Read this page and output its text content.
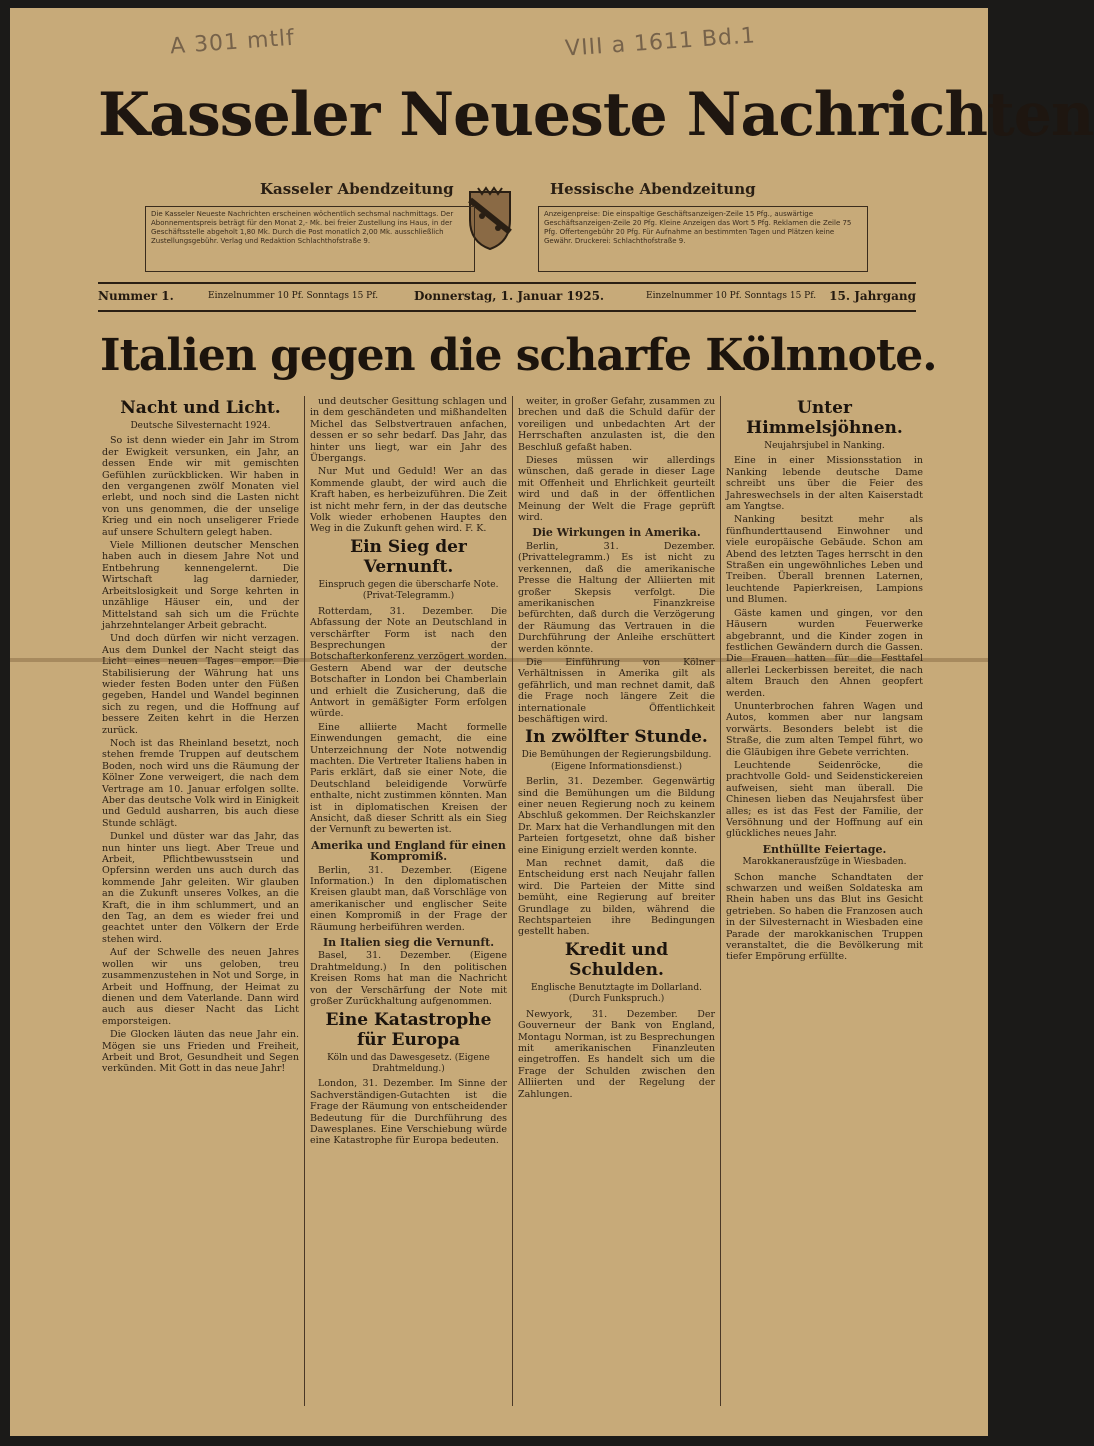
A 301 mtlf	VIII a 1611 Bd.1
Kasseler Neueste Nachrichten
Kasseler Abendzeitung	Hessische Abendzeitung
Die Kasseler Neueste Nachrichten erscheinen wöchentlich sechsmal nachmittags. Der Abonnementspreis beträgt für den Monat 2,- Mk. bei freier Zustellung ins Haus, in der Geschäftsstelle abgeholt 1,80 Mk. Durch die Post monatlich 2,00 Mk. ausschließlich Zustellungsgebühr. Verlag und Redaktion Schlachthofstraße 9.
Anzeigenpreise: Die einspaltige Geschäftsanzeigen-Zeile 15 Pfg., auswärtige Geschäftsanzeigen-Zeile 20 Pfg. Kleine Anzeigen das Wort 5 Pfg. Reklamen die Zeile 75 Pfg. Offertengebühr 20 Pfg. Für Aufnahme an bestimmten Tagen und Plätzen keine Gewähr. Druckerei: Schlachthofstraße 9.
Nummer 1.	Einzelnummer 10 Pf. Sonntags 15 Pf.	Donnerstag, 1. Januar 1925.	Einzelnummer 10 Pf. Sonntags 15 Pf. 15. Jahrgang
Italien gegen die scharfe Kölnnote.
Nacht und Licht.
Deutsche Silvesternacht 1924.

So ist denn wieder ein Jahr im Strom der Ewigkeit versunken, ein Jahr, an dessen Ende wir mit gemischten Gefühlen zurückblicken. Wir haben in den vergangenen zwölf Monaten viel erlebt, und noch sind die Lasten nicht von uns genommen, die der unselige Krieg und ein noch unseligerer Friede auf unsere Schultern gelegt haben.

Viele Millionen deutscher Menschen haben auch in diesem Jahre Not und Entbehrung kennengelernt. Die Wirtschaft lag darnieder, Arbeitslosigkeit und Sorge kehrten in unzählige Häuser ein, und der Mittelstand sah sich um die Früchte jahrzehntelanger Arbeit gebracht.

Und doch dürfen wir nicht verzagen. Aus dem Dunkel der Nacht steigt das Licht eines neuen Tages empor. Die Stabilisierung der Währung hat uns wieder festen Boden unter den Füßen gegeben, Handel und Wandel beginnen sich zu regen, und die Hoffnung auf bessere Zeiten kehrt in die Herzen zurück.

Noch ist das Rheinland besetzt, noch stehen fremde Truppen auf deutschem Boden, noch wird uns die Räumung der Kölner Zone verweigert, die nach dem Vertrage am 10. Januar erfolgen sollte. Aber das deutsche Volk wird in Einigkeit und Geduld ausharren, bis auch diese Stunde schlägt.

Dunkel und düster war das Jahr, das nun hinter uns liegt. Aber Treue und Arbeit, Pflichtbewusstsein und Opfersinn werden uns auch durch das kommende Jahr geleiten. Wir glauben an die Zukunft unseres Volkes, an die Kraft, die in ihm schlummert, und an den Tag, an dem es wieder frei und geachtet unter den Völkern der Erde stehen wird.

Auf der Schwelle des neuen Jahres wollen wir uns geloben, treu zusammenzustehen in Not und Sorge, in Arbeit und Hoffnung, der Heimat zu dienen und dem Vaterlande. Dann wird auch aus dieser Nacht das Licht emporsteigen.

Die Glocken läuten das neue Jahr ein. Mögen sie uns Frieden und Freiheit, Arbeit und Brot, Gesundheit und Segen verkünden. Mit Gott in das neue Jahr!

und deutscher Gesittung schlagen und in dem geschändeten und mißhandelten Michel das Selbstvertrauen anfachen, dessen er so sehr bedarf. Das Jahr, das hinter uns liegt, war ein Jahr des Übergangs.

Nur Mut und Geduld! Wer an das Kommende glaubt, der wird auch die Kraft haben, es herbeizuführen. Die Zeit ist nicht mehr fern, in der das deutsche Volk wieder erhobenen Hauptes den Weg in die Zukunft gehen wird. F. K.

Ein Sieg der Vernunft.
Einspruch gegen die überscharfe Note. (Privat-Telegramm.)

Rotterdam, 31. Dezember. Die Abfassung der Note an Deutschland in verschärfter Form ist nach den Besprechungen der Botschafterkonferenz verzögert worden. Gestern Abend war der deutsche Botschafter in London bei Chamberlain und erhielt die Zusicherung, daß die Antwort in gemäßigter Form erfolgen würde.

Eine alliierte Macht formelle Einwendungen gemacht, die eine Unterzeichnung der Note notwendig machten. Die Vertreter Italiens haben in Paris erklärt, daß sie einer Note, die Deutschland beleidigende Vorwürfe enthalte, nicht zustimmen könnten. Man ist in diplomatischen Kreisen der Ansicht, daß dieser Schritt als ein Sieg der Vernunft zu bewerten ist.

Amerika und England für einen Kompromiß.

Berlin, 31. Dezember. (Eigene Information.) In den diplomatischen Kreisen glaubt man, daß Vorschläge von amerikanischer und englischer Seite einen Kompromiß in der Frage der Räumung herbeiführen werden.

In Italien sieg die Vernunft.

Basel, 31. Dezember. (Eigene Drahtmeldung.) In den politischen Kreisen Roms hat man die Nachricht von der Verschärfung der Note mit großer Zurückhaltung aufgenommen.

Eine Katastrophe für Europa
Köln und das Dawesgesetz. (Eigene Drahtmeldung.)

London, 31. Dezember. Im Sinne der Sachverständigen-Gutachten ist die Frage der Räumung von entscheidender Bedeutung für die Durchführung des Dawesplanes. Eine Verschiebung würde eine Katastrophe für Europa bedeuten.

weiter, in großer Gefahr, zusammen zu brechen und daß die Schuld dafür der voreiligen und unbedachten Art der Herrschaften anzulasten ist, die den Beschluß gefaßt haben.

Dieses müssen wir allerdings wünschen, daß gerade in dieser Lage mit Offenheit und Ehrlichkeit geurteilt wird und daß in der öffentlichen Meinung der Welt die Frage geprüft wird.

Die Wirkungen in Amerika.

Berlin, 31. Dezember. (Privattelegramm.) Es ist nicht zu verkennen, daß die amerikanische Presse die Haltung der Alliierten mit großer Skepsis verfolgt. Die amerikanischen Finanzkreise befürchten, daß durch die Verzögerung der Räumung das Vertrauen in die Durchführung der Anleihe erschüttert werden könnte.

Die Einführung von Kölner Verhältnissen in Amerika gilt als gefährlich, und man rechnet damit, daß die Frage noch längere Zeit die internationale Öffentlichkeit beschäftigen wird.

In zwölfter Stunde.
Die Bemühungen der Regierungsbildung. (Eigene Informationsdienst.)

Berlin, 31. Dezember. Gegenwärtig sind die Bemühungen um die Bildung einer neuen Regierung noch zu keinem Abschluß gekommen. Der Reichskanzler Dr. Marx hat die Verhandlungen mit den Parteien fortgesetzt, ohne daß bisher eine Einigung erzielt werden konnte.

Man rechnet damit, daß die Entscheidung erst nach Neujahr fallen wird. Die Parteien der Mitte sind bemüht, eine Regierung auf breiter Grundlage zu bilden, während die Rechtsparteien ihre Bedingungen gestellt haben.

Kredit und Schulden.
Englische Benutztagte im Dollarland. (Durch Funkspruch.)

Newyork, 31. Dezember. Der Gouverneur der Bank von England, Montagu Norman, ist zu Besprechungen mit amerikanischen Finanzleuten eingetroffen. Es handelt sich um die Frage der Schulden zwischen den Alliierten und der Regelung der Zahlungen.

Unter Himmelsjöhnen.
Neujahrsjubel in Nanking.

Eine in einer Missionsstation in Nanking lebende deutsche Dame schreibt uns über die Feier des Jahreswechsels in der alten Kaiserstadt am Yangtse.

Nanking besitzt mehr als fünfhunderttausend Einwohner und viele europäische Gebäude. Schon am Abend des letzten Tages herrscht in den Straßen ein ungewöhnliches Leben und Treiben. Überall brennen Laternen, leuchtende Papierkreisen, Lampions und Blumen.

Gäste kamen und gingen, vor den Häusern wurden Feuerwerke abgebrannt, und die Kinder zogen in festlichen Gewändern durch die Gassen. Die Frauen hatten für die Festtafel allerlei Leckerbissen bereitet, die nach altem Brauch den Ahnen geopfert werden.

Ununterbrochen fahren Wagen und Autos, kommen aber nur langsam vorwärts. Besonders belebt ist die Straße, die zum alten Tempel führt, wo die Gläubigen ihre Gebete verrichten.

Leuchtende Seidenröcke, die prachtvolle Gold- und Seidenstickereien aufweisen, sieht man überall. Die Chinesen lieben das Neujahrsfest über alles; es ist das Fest der Familie, der Versöhnung und der Hoffnung auf ein glückliches neues Jahr.

Enthüllte Feiertage.
Marokkanerausfzüge in Wiesbaden.

Schon manche Schandtaten der schwarzen und weißen Soldateska am Rhein haben uns das Blut ins Gesicht getrieben. So haben die Franzosen auch in der Silvesternacht in Wiesbaden eine Parade der marokkanischen Truppen veranstaltet, die die Bevölkerung mit tiefer Empörung erfüllte.
